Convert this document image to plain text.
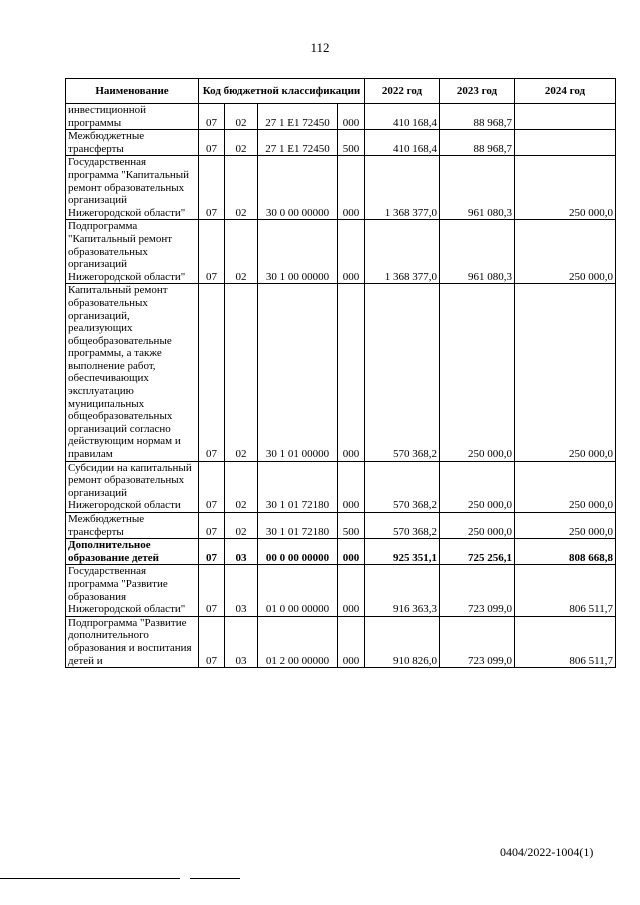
112
Наименование	Код бюджетной классификации				2022 год	2023 год	2024 год
инвестиционной программы	07	02	27 1 E1 72450	000	410 168,4	88 968,7	
Межбюджетные трансферты	07	02	27 1 E1 72450	500	410 168,4	88 968,7	
Государственная программа "Капитальный ремонт образовательных организаций Нижегородской области"	07	02	30 0 00 00000	000	1 368 377,0	961 080,3	250 000,0
Подпрограмма "Капитальный ремонт образовательных организаций Нижегородской области"	07	02	30 1 00 00000	000	1 368 377,0	961 080,3	250 000,0
Капитальный ремонт образовательных организаций, реализующих общеобразовательные программы, а также выполнение работ, обеспечивающих эксплуатацию муниципальных общеобразовательных организаций согласно действующим нормам и правилам	07	02	30 1 01 00000	000	570 368,2	250 000,0	250 000,0
Субсидии на капитальный ремонт образовательных организаций Нижегородской области	07	02	30 1 01 72180	000	570 368,2	250 000,0	250 000,0
Межбюджетные трансферты	07	02	30 1 01 72180	500	570 368,2	250 000,0	250 000,0
Дополнительное образование детей	07	03	00 0 00 00000	000	925 351,1	725 256,1	808 668,8
Государственная программа "Развитие образования Нижегородской области"	07	03	01 0 00 00000	000	916 363,3	723 099,0	806 511,7
Подпрограмма "Развитие дополнительного образования и воспитания детей и	07	03	01 2 00 00000	000	910 826,0	723 099,0	806 511,7
0404/2022-1004(1)
